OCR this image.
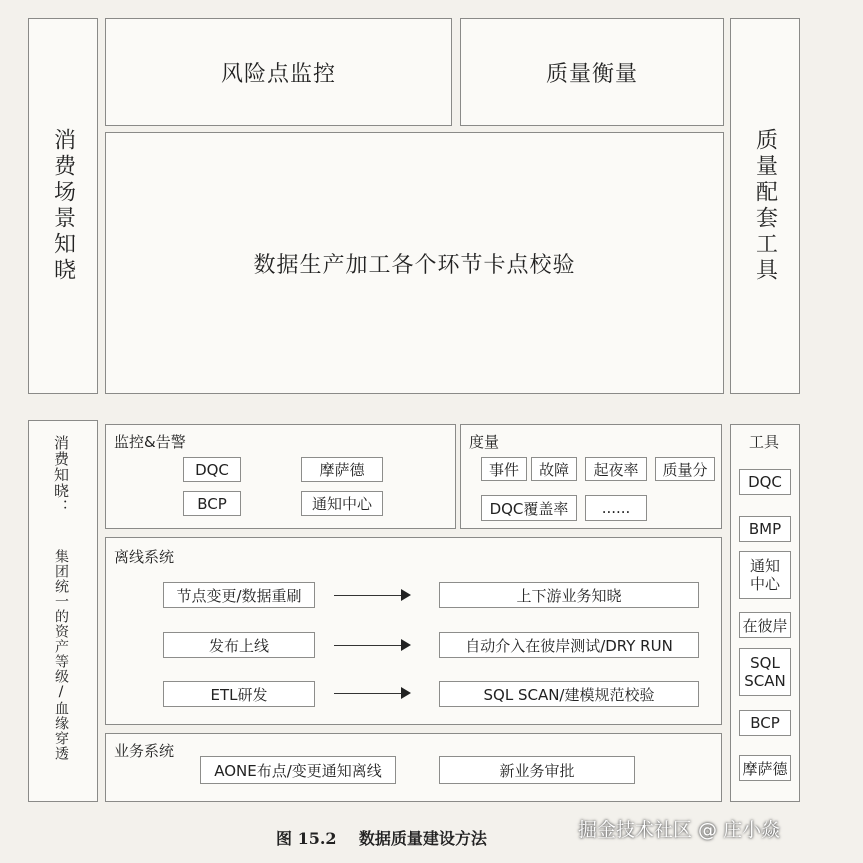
消费场景知晓
风险点监控	质量衡量
数据生产加工各个环节卡点校验	质量配套工具
消费知晓：
集团统一的资产等级/血缘穿透
监控&告警
DQC	摩萨德
BCP	通知中心
度量
事件	故障	起夜率	质量分
DQC覆盖率	......
离线系统
节点变更/数据重刷	上下游业务知晓
发布上线	自动介入在彼岸测试/DRY RUN
ETL研发	SQL SCAN/建模规范校验
业务系统
AONE布点/变更通知离线	新业务审批
工具
DQC
BMP
通知
中心
在彼岸
SQL
SCAN
BCP
摩萨德
图 15.2    数据质量建设方法	掘金技术社区 @ 庄小焱
